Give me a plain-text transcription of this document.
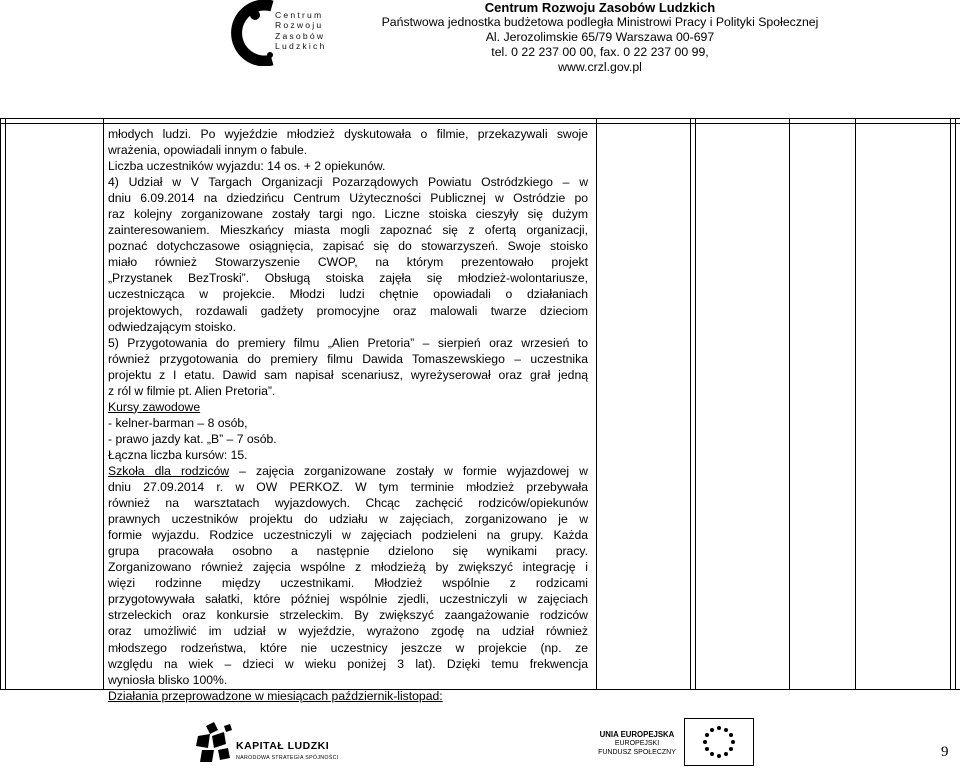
Centrum
Rozwoju
Zasobów
Ludzkich
Centrum Rozwoju Zasobów Ludzkich
Państwowa jednostka budżetowa podległa Ministrowi Pracy i Polityki Społecznej
Al. Jerozolimskie 65/79 Warszawa 00-697
tel. 0 22 237 00 00, fax. 0 22 237 00 99,
www.crzl.gov.pl
młodych ludzi. Po wyjeździe młodzież dyskutowała o filmie, przekazywali swoje
wrażenia, opowiadali innym o fabule.
Liczba uczestników wyjazdu: 14 os. + 2 opiekunów.
4) Udział w V Targach Organizacji Pozarządowych Powiatu Ostródzkiego – w
dniu 6.09.2014 na dziedzińcu Centrum Użyteczności Publicznej w Ostródzie po
raz kolejny zorganizowane zostały targi ngo. Liczne stoiska cieszyły się dużym
zainteresowaniem. Mieszkańcy miasta mogli zapoznać się z ofertą organizacji,
poznać dotychczasowe osiągnięcia, zapisać się do stowarzyszeń. Swoje stoisko
miało również Stowarzyszenie CWOP, na którym prezentowało projekt
„Przystanek BezTroski”. Obsługą stoiska zajęła się młodzież-wolontariusze,
uczestnicząca w projekcie. Młodzi ludzi chętnie opowiadali o działaniach
projektowych, rozdawali gadżety promocyjne oraz malowali twarze dzieciom
odwiedzającym stoisko.
5) Przygotowania do premiery filmu „Alien Pretoria” – sierpień oraz wrzesień to
również przygotowania do premiery filmu Dawida Tomaszewskiego – uczestnika
projektu z I etatu. Dawid sam napisał scenariusz, wyreżyserował oraz grał jedną
z ról w filmie pt. Alien Pretoria”.
Kursy zawodowe
- kelner-barman – 8 osób,
- prawo jazdy kat. „B” – 7 osób.
Łączna liczba kursów: 15.
Szkoła dla rodziców – zajęcia zorganizowane zostały w formie wyjazdowej w
dniu 27.09.2014 r. w OW PERKOZ. W tym terminie młodzież przebywała
również na warsztatach wyjazdowych. Chcąc zachęcić rodziców/opiekunów
prawnych uczestników projektu do udziału w zajęciach, zorganizowano je w
formie wyjazdu. Rodzice uczestniczyli w zajęciach podzieleni na grupy. Każda
grupa pracowała osobno a następnie dzielono się wynikami pracy.
Zorganizowano również zajęcia wspólne z młodzieżą by zwiększyć integrację i
więzi rodzinne między uczestnikami. Młodzież wspólnie z rodzicami
przygotowywała sałatki, które później wspólnie zjedli, uczestniczyli w zajęciach
strzeleckich oraz konkursie strzeleckim. By zwiększyć zaangażowanie rodziców
oraz umożliwić im udział w wyjeździe, wyrażono zgodę na udział również
młodszego rodzeństwa, które nie uczestnicy jeszcze w projekcie (np. ze
względu na wiek – dzieci w wieku poniżej 3 lat). Dzięki temu frekwencja
wyniosła blisko 100%.
Działania przeprowadzone w miesiącach październik-listopad:
KAPITAŁ LUDZKI
NARODOWA STRATEGIA SPÓJNOŚCI
UNIA EUROPEJSKA
EUROPEJSKI
FUNDUSZ SPOŁECZNY	9
